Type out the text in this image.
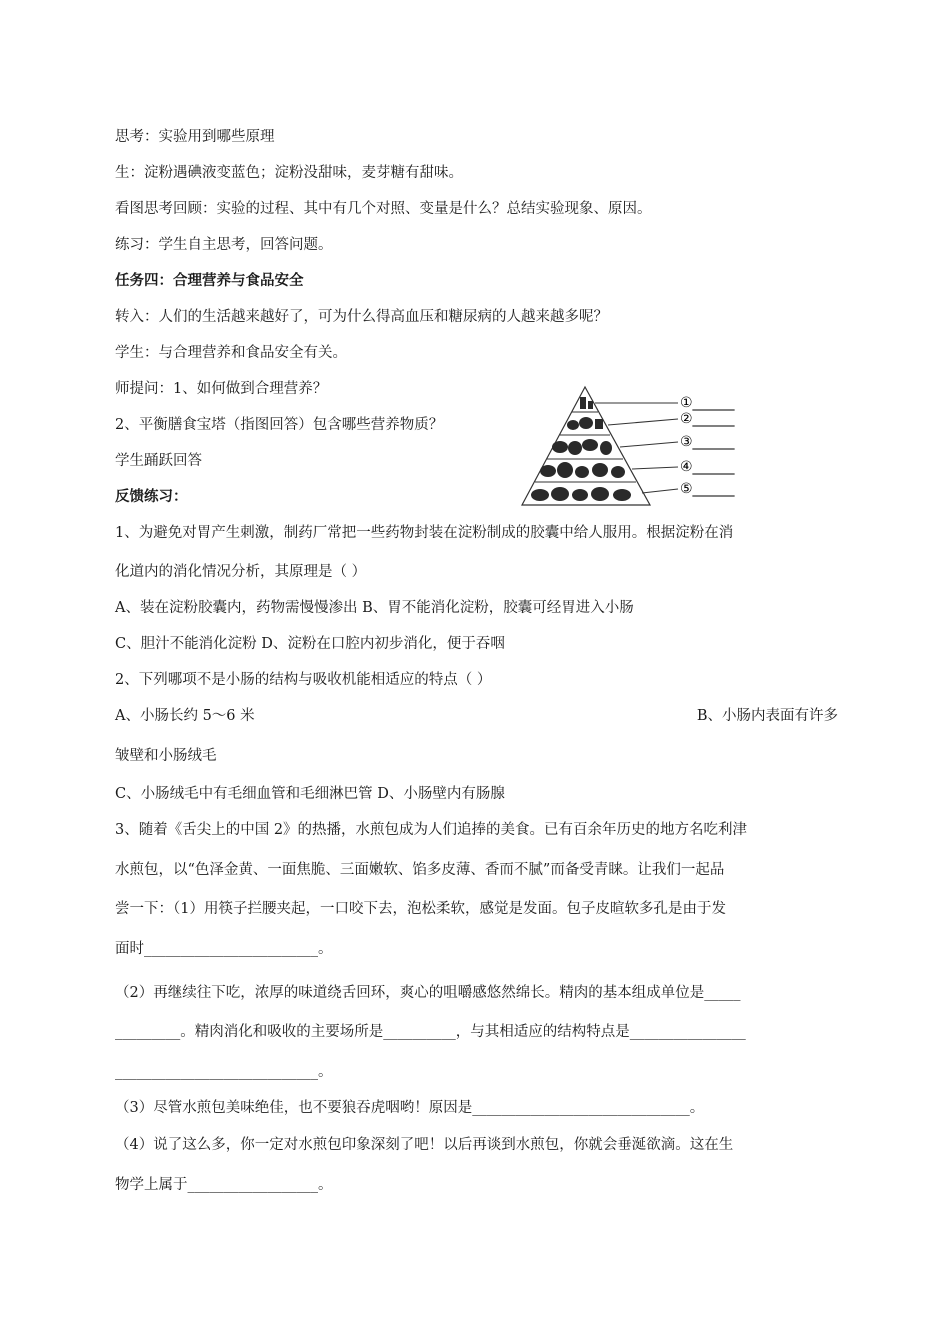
思考：实验用到哪些原理
生：淀粉遇碘液变蓝色；淀粉没甜味，麦芽糖有甜味。
看图思考回顾：实验的过程、其中有几个对照、变量是什么？总结实验现象、原因。
练习：学生自主思考，回答问题。
任务四：合理营养与食品安全
转入：人们的生活越来越好了，可为什么得高血压和糖尿病的人越来越多呢？
学生：与合理营养和食品安全有关。
师提问：1、如何做到合理营养？
2、平衡膳食宝塔（指图回答）包含哪些营养物质？
学生踊跃回答
反馈练习：
①______
②______
③______
④______
⑤______
1、为避免对胃产生刺激，制药厂常把一些药物封装在淀粉制成的胶囊中给人服用。根据淀粉在消
化道内的消化情况分析，其原理是（ ）
A、装在淀粉胶囊内，药物需慢慢渗出 B、胃不能消化淀粉，胶囊可经胃进入小肠
C、胆汁不能消化淀粉 D、淀粉在口腔内初步消化，便于吞咽
2、下列哪项不是小肠的结构与吸收机能相适应的特点（ ）
A、小肠长约 5～6 米	B、小肠内表面有许多
皱壁和小肠绒毛
C、小肠绒毛中有毛细血管和毛细淋巴管 D、小肠壁内有肠腺
3、随着《舌尖上的中国 2》的热播，水煎包成为人们追捧的美食。已有百余年历史的地方名吃利津
水煎包，以“色泽金黄、一面焦脆、三面嫩软、馅多皮薄、香而不腻”而备受青睐。让我们一起品
尝一下：（1）用筷子拦腰夹起，一口咬下去，泡松柔软，感觉是发面。包子皮暄软多孔是由于发
面时________________________。
（2）再继续往下吃，浓厚的味道绕舌回环，爽心的咀嚼感悠然绵长。精肉的基本组成单位是_____
_________。精肉消化和吸收的主要场所是__________，与其相适应的结构特点是________________
____________________________。
（3）尽管水煎包美味绝佳，也不要狼吞虎咽哟！原因是______________________________。
（4）说了这么多，你一定对水煎包印象深刻了吧！以后再谈到水煎包，你就会垂涎欲滴。这在生
物学上属于__________________。
